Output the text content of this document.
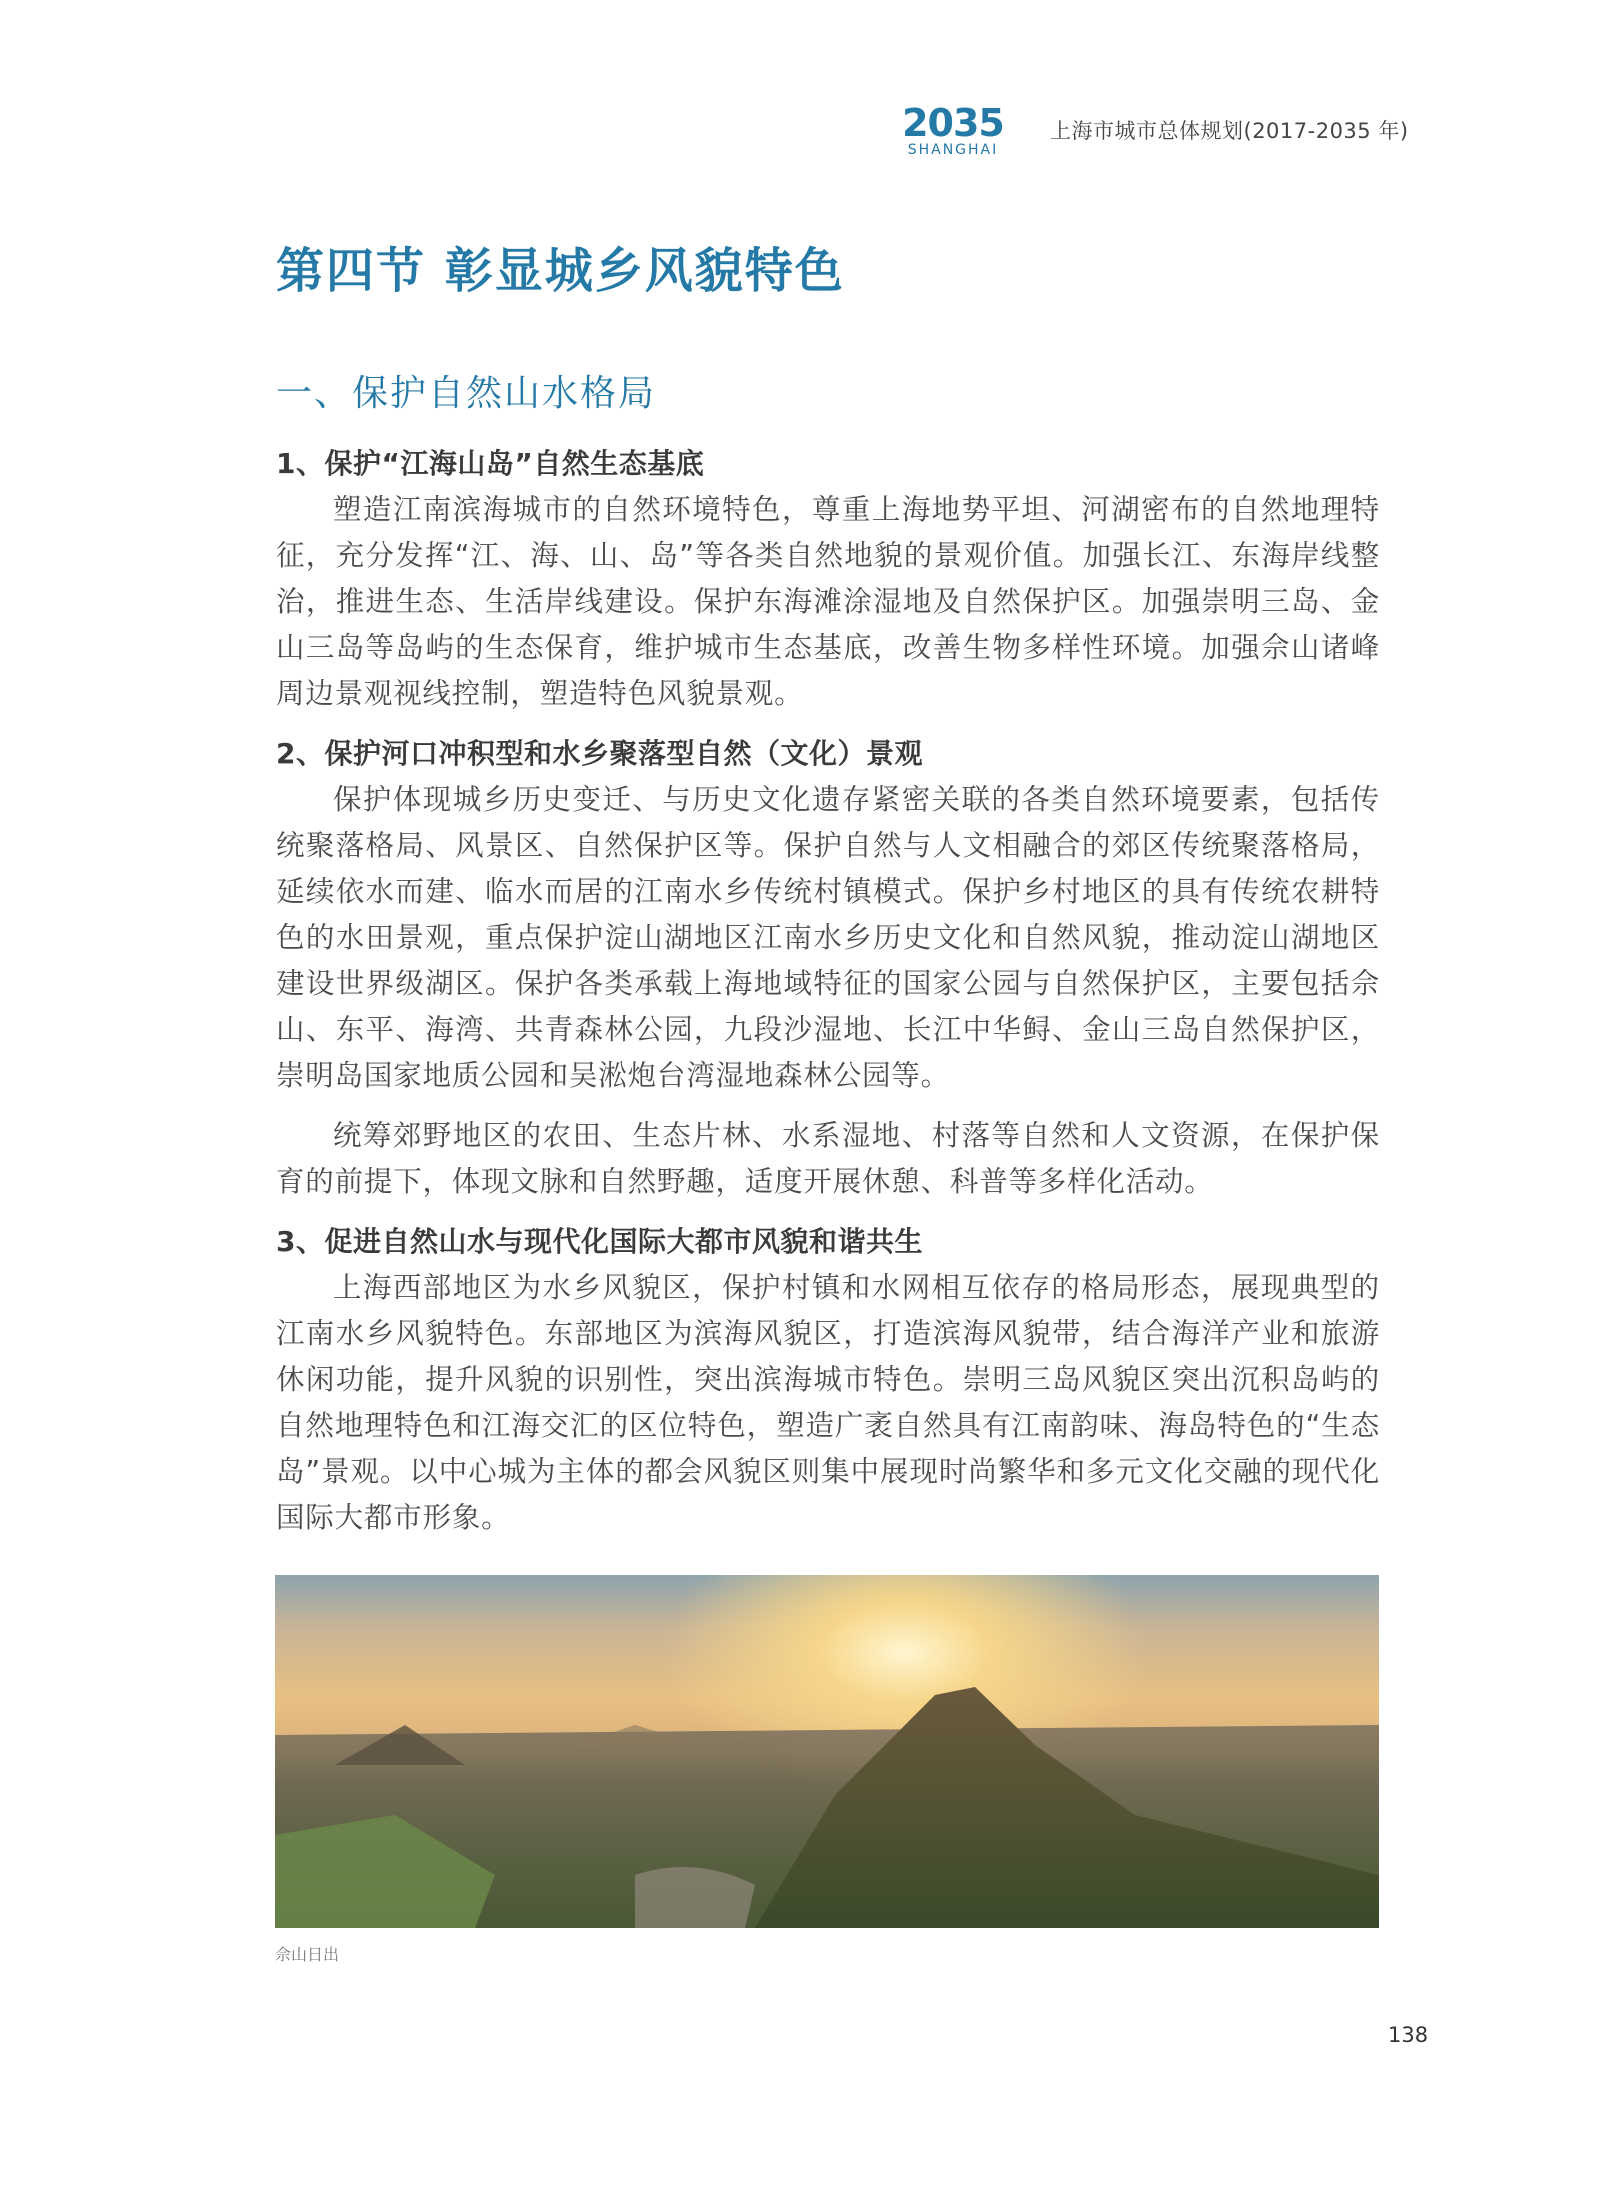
2035
SHANGHAI
上海市城市总体规划(2017-2035 年)
第四节 彰显城乡风貌特色
一、保护自然山水格局

1、保护“江海山岛”自然生态基底

塑造江南滨海城市的自然环境特色，尊重上海地势平坦、河湖密布的自然地理特征，充分发挥“江、海、山、岛”等各类自然地貌的景观价值。加强长江、东海岸线整治，推进生态、生活岸线建设。保护东海滩涂湿地及自然保护区。加强崇明三岛、金山三岛等岛屿的生态保育，维护城市生态基底，改善生物多样性环境。加强佘山诸峰周边景观视线控制，塑造特色风貌景观。

2、保护河口冲积型和水乡聚落型自然（文化）景观

保护体现城乡历史变迁、与历史文化遗存紧密关联的各类自然环境要素，包括传统聚落格局、风景区、自然保护区等。保护自然与人文相融合的郊区传统聚落格局，延续依水而建、临水而居的江南水乡传统村镇模式。保护乡村地区的具有传统农耕特色的水田景观，重点保护淀山湖地区江南水乡历史文化和自然风貌，推动淀山湖地区建设世界级湖区。保护各类承载上海地域特征的国家公园与自然保护区，主要包括佘山、东平、海湾、共青森林公园，九段沙湿地、长江中华鲟、金山三岛自然保护区，崇明岛国家地质公园和吴淞炮台湾湿地森林公园等。

统筹郊野地区的农田、生态片林、水系湿地、村落等自然和人文资源，在保护保育的前提下，体现文脉和自然野趣，适度开展休憩、科普等多样化活动。

3、促进自然山水与现代化国际大都市风貌和谐共生

上海西部地区为水乡风貌区，保护村镇和水网相互依存的格局形态，展现典型的江南水乡风貌特色。东部地区为滨海风貌区，打造滨海风貌带，结合海洋产业和旅游休闲功能，提升风貌的识别性，突出滨海城市特色。崇明三岛风貌区突出沉积岛屿的自然地理特色和江海交汇的区位特色，塑造广袤自然具有江南韵味、海岛特色的“生态岛”景观。以中心城为主体的都会风貌区则集中展现时尚繁华和多元文化交融的现代化国际大都市形象。

佘山日出
138
